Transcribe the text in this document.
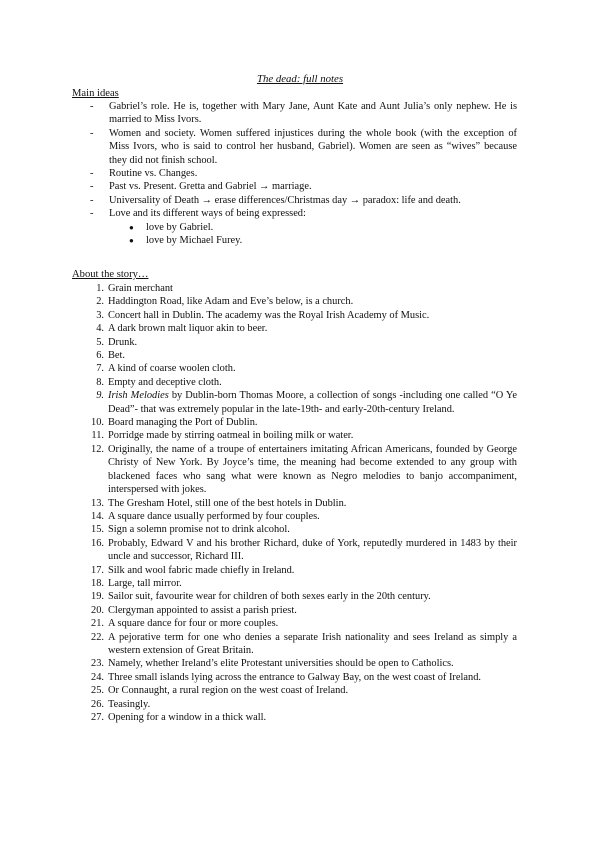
The dead: full notes
Main ideas
- Gabriel’s role. He is, together with Mary Jane, Aunt Kate and Aunt Julia’s only nephew. He is married to Miss Ivors.
- Women and society. Women suffered injustices during the whole book (with the exception of Miss Ivors, who is said to control her husband, Gabriel). Women are seen as “wives” because they did not finish school.
- Routine vs. Changes.
- Past vs. Present. Gretta and Gabriel → marriage.
- Universality of Death → erase differences/Christmas day → paradox: life and death.
- Love and its different ways of being expressed:
● love by Gabriel.
● love by Michael Furey.
About the story…
1. Grain merchant
2. Haddington Road, like Adam and Eve’s below, is a church.
3. Concert hall in Dublin. The academy was the Royal Irish Academy of Music.
4. A dark brown malt liquor akin to beer.
5. Drunk.
6. Bet.
7. A kind of coarse woolen cloth.
8. Empty and deceptive cloth.
9. Irish Melodies by Dublin-born Thomas Moore, a collection of songs -including one called “O Ye Dead”- that was extremely popular in the late-19th- and early-20th-century Ireland.
10. Board managing the Port of Dublin.
11. Porridge made by stirring oatmeal in boiling milk or water.
12. Originally, the name of a troupe of entertainers imitating African Americans, founded by George Christy of New York. By Joyce’s time, the meaning had become extended to any group with blackened faces who sang what were known as Negro melodies to banjo accompaniment, interspersed with jokes.
13. The Gresham Hotel, still one of the best hotels in Dublin.
14. A square dance usually performed by four couples.
15. Sign a solemn promise not to drink alcohol.
16. Probably, Edward V and his brother Richard, duke of York, reputedly murdered in 1483 by their uncle and successor, Richard III.
17. Silk and wool fabric made chiefly in Ireland.
18. Large, tall mirror.
19. Sailor suit, favourite wear for children of both sexes early in the 20th century.
20. Clergyman appointed to assist a parish priest.
21. A square dance for four or more couples.
22. A pejorative term for one who denies a separate Irish nationality and sees Ireland as simply a western extension of Great Britain.
23. Namely, whether Ireland’s elite Protestant universities should be open to Catholics.
24. Three small islands lying across the entrance to Galway Bay, on the west coast of Ireland.
25. Or Connaught, a rural region on the west coast of Ireland.
26. Teasingly.
27. Opening for a window in a thick wall.
